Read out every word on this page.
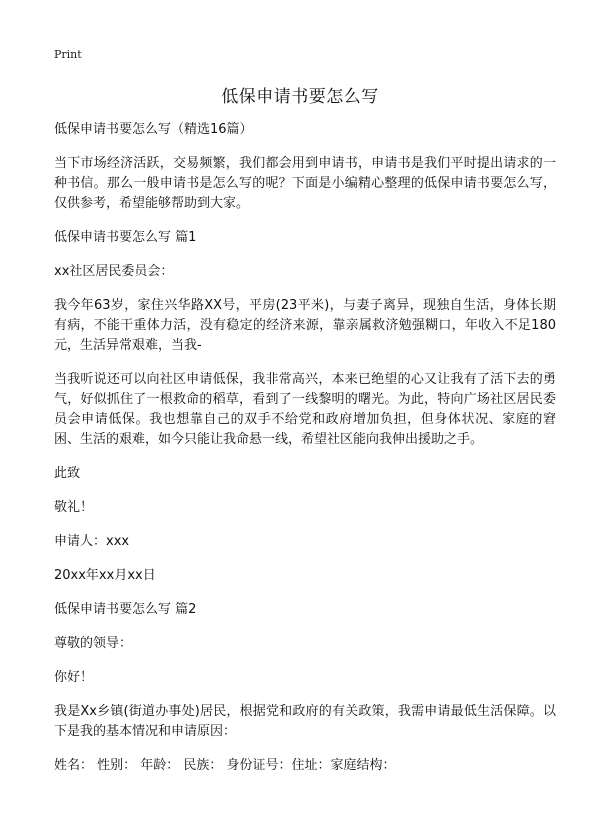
Print
低保申请书要怎么写

低保申请书要怎么写（精选16篇）

当下市场经济活跃，交易频繁，我们都会用到申请书，申请书是我们平时提出请求的一种书信。那么一般申请书是怎么写的呢？下面是小编精心整理的低保申请书要怎么写，仅供参考，希望能够帮助到大家。

低保申请书要怎么写 篇1

xx社区居民委员会：

我今年63岁，家住兴华路XX号，平房(23平米)，与妻子离异，现独自生活，身体长期有病，不能干重体力活，没有稳定的经济来源，靠亲属救济勉强糊口，年收入不足180元，生活异常艰难，当我-

当我听说还可以向社区申请低保，我非常高兴，本来已绝望的心又让我有了活下去的勇气，好似抓住了一根救命的稻草，看到了一线黎明的曙光。为此，特向广场社区居民委员会申请低保。我也想靠自己的双手不给党和政府增加负担，但身体状况、家庭的窘困、生活的艰难，如今只能让我命悬一线，希望社区能向我伸出援助之手。

此致

敬礼！

申请人：xxx

20xx年xx月xx日

低保申请书要怎么写 篇2

尊敬的领导：

你好！

我是Xx乡镇(街道办事处)居民，根据党和政府的有关政策，我需申请最低生活保障。以下是我的基本情况和申请原因：

姓名： 性别： 年龄： 民族： 身份证号：住址：家庭结构：
